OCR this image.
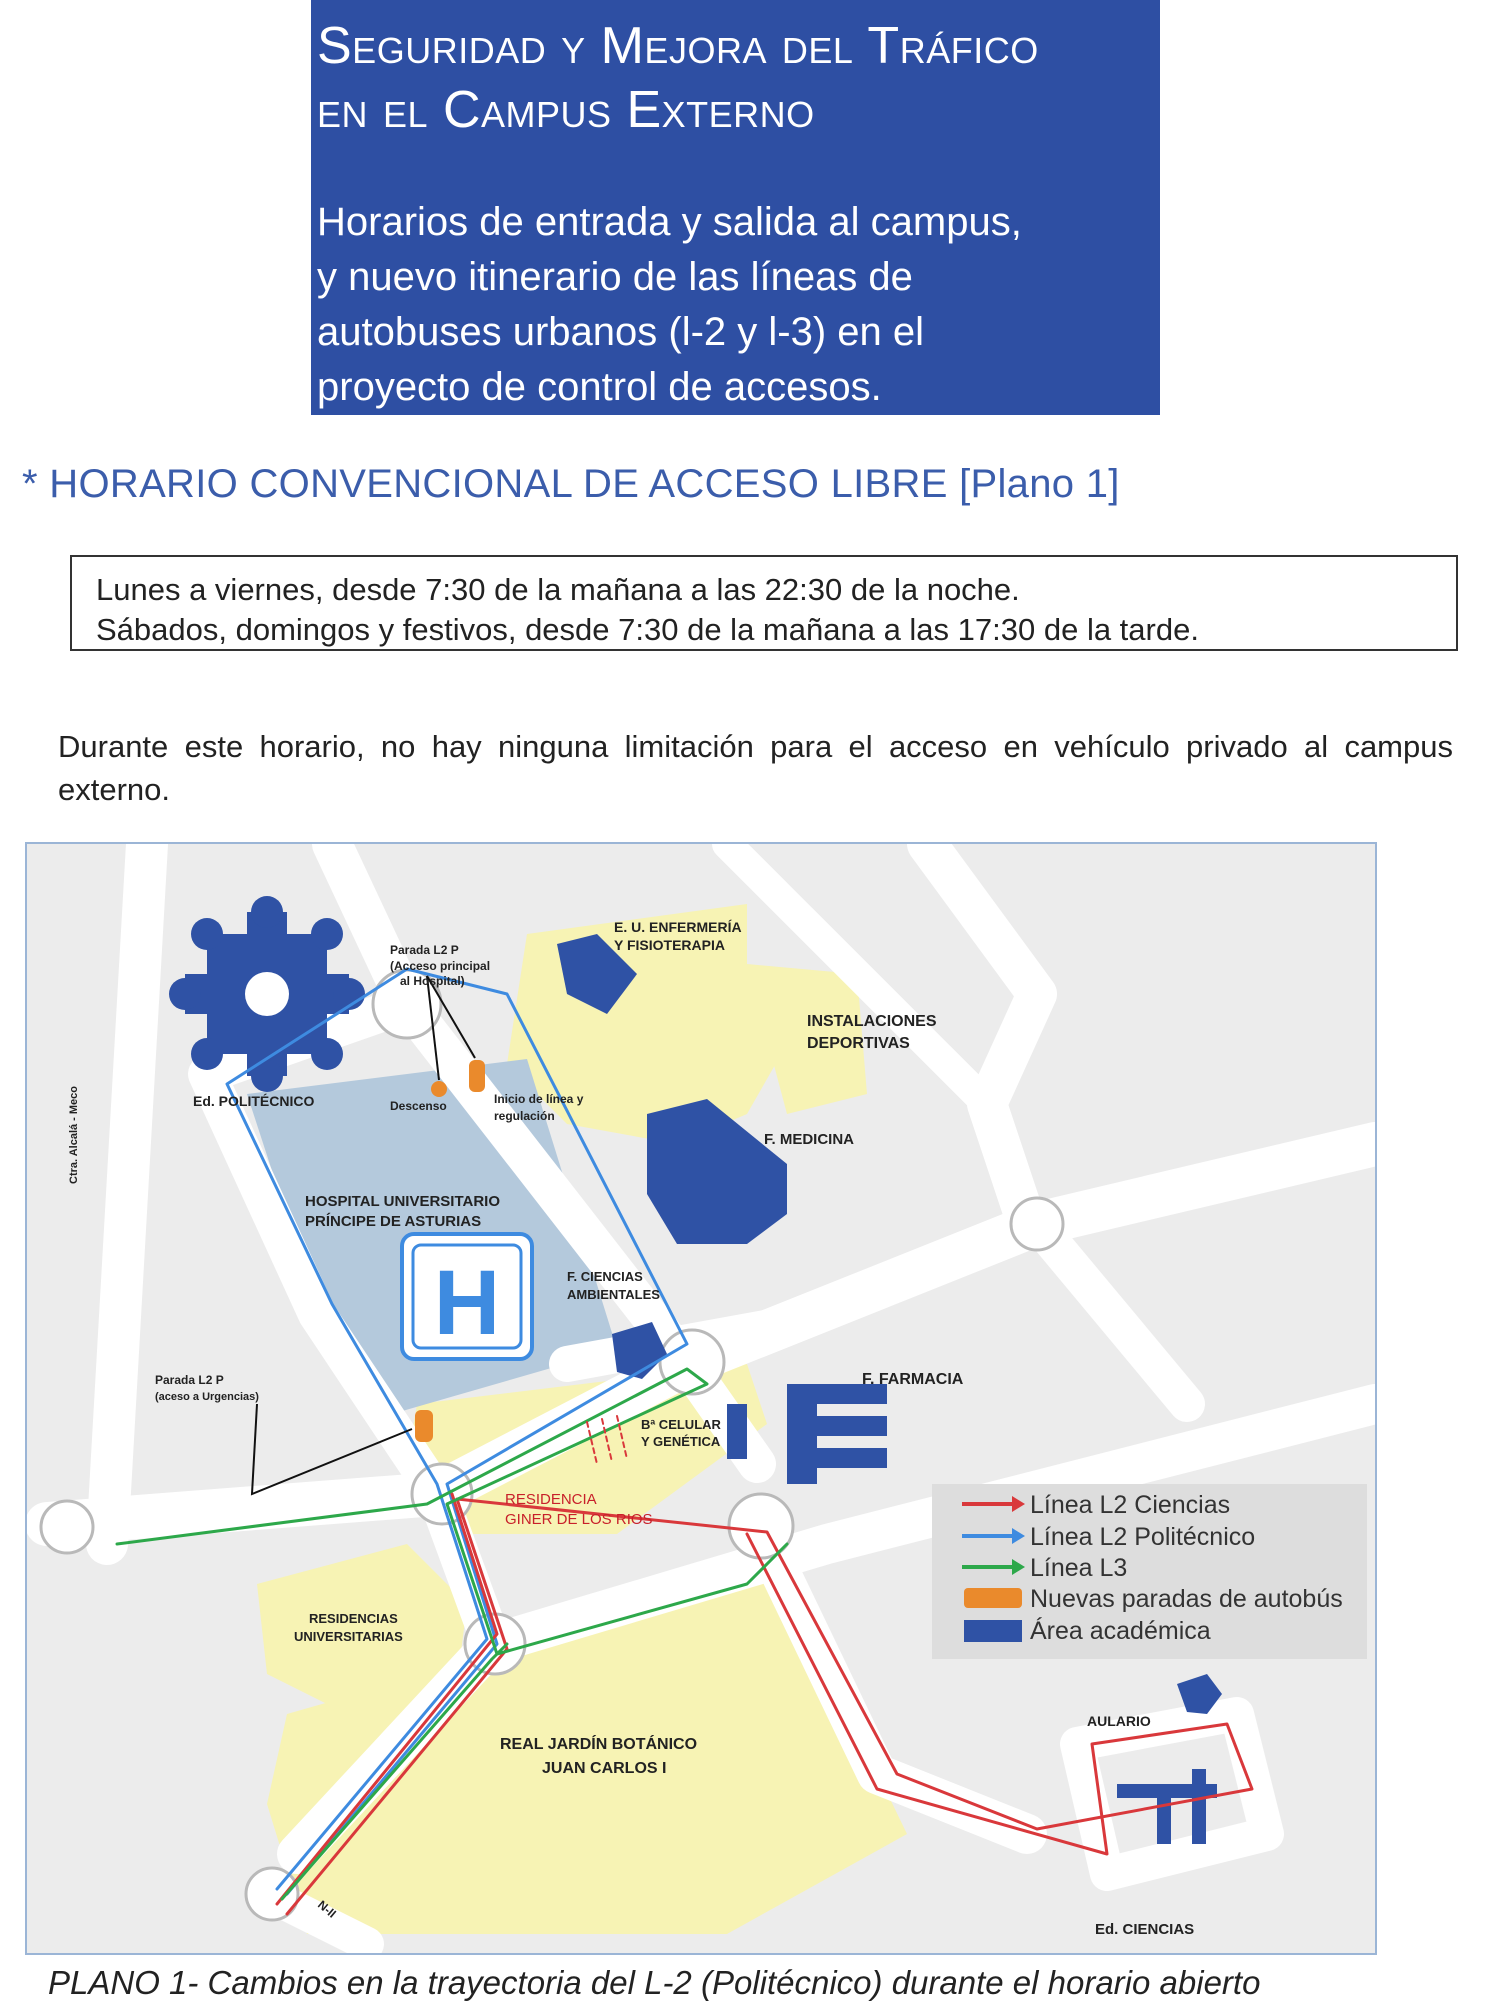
Seguridad y Mejora del Tráfico
en el Campus Externo
Horarios de entrada y salida al campus,
y nuevo itinerario de las líneas de
autobuses urbanos (l-2 y l-3) en el
proyecto de control de accesos.
* HORARIO CONVENCIONAL DE ACCESO LIBRE [Plano 1]
Lunes a viernes, desde 7:30 de la mañana a las 22:30 de la noche.
Sábados, domingos y festivos, desde 7:30 de la mañana a las 17:30 de la tarde.
Durante este horario, no hay ninguna limitación para el acceso en vehículo privado al campus externo.
H
Ctra. Alcalá - Meco	Ed. POLITÉCNICO
E. U. ENFERMERÍA
Y FISIOTERAPIA
INSTALACIONES
DEPORTIVAS
F. MEDICINA
HOSPITAL UNIVERSITARIO
PRÍNCIPE DE ASTURIAS
F. CIENCIAS
AMBIENTALES
F. FARMACIA
Bª CELULAR
Y GENÉTICA
RESIDENCIA
GINER DE LOS RIOS
RESIDENCIAS
UNIVERSITARIAS
REAL JARDÍN BOTÁNICO
JUAN CARLOS I
AULARIO
Ed. CIENCIAS
N-II
Parada L2 P
(Acceso principal
al Hospital)
Descenso	Inicio de línea y
regulación
Parada L2 P
(aceso a Urgencias)
Línea L2 Ciencias
Línea L2 Politécnico
Línea L3
Nuevas paradas de autobús
Área académica
PLANO 1- Cambios en la trayectoria del L-2 (Politécnico) durante el horario abierto
